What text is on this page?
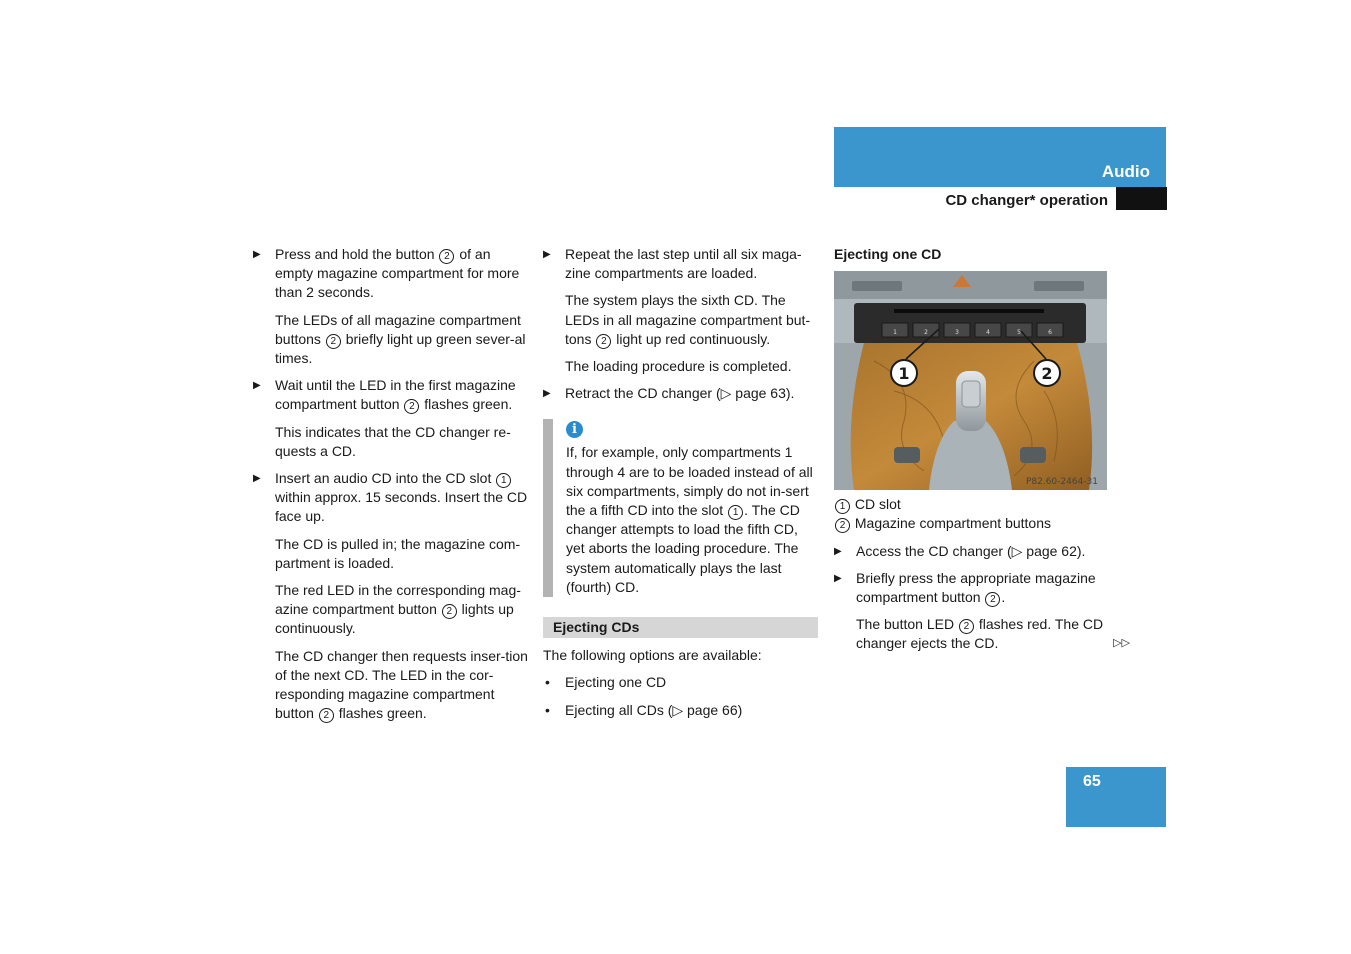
Audio
CD changer* operation
▶ Press and hold the button 2 of an empty magazine compartment for more than 2 seconds.
The LEDs of all magazine compartment buttons 2 briefly light up green sever-al times.
▶ Wait until the LED in the first magazine compartment button 2 flashes green.
This indicates that the CD changer re-quests a CD.
▶ Insert an audio CD into the CD slot 1 within approx. 15 seconds. Insert the CD face up.
The CD is pulled in; the magazine com-partment is loaded.
The red LED in the corresponding mag-azine compartment button 2 lights up continuously.
The CD changer then requests inser-tion of the next CD. The LED in the cor-responding magazine compartment button 2 flashes green.
▶ Repeat the last step until all six maga-zine compartments are loaded.
The system plays the sixth CD. The LEDs in all magazine compartment but-tons 2 light up red continuously.
The loading procedure is completed.
▶ Retract the CD changer (▷ page 63).
i
If, for example, only compartments 1 through 4 are to be loaded instead of all six compartments, simply do not in-sert the a fifth CD into the slot 1 . The CD changer attempts to load the fifth CD, yet aborts the loading procedure. The system automatically plays the last (fourth) CD.
Ejecting CDs
The following options are available:
• Ejecting one CD
• Ejecting all CDs (▷ page 66)
Ejecting one CD
1	2	3	4	5	6
1	2
P82.60-2464-31
1 CD slot
2 Magazine compartment buttons
▶ Access the CD changer (▷ page 62).
▶ Briefly press the appropriate magazine compartment button 2 .
The button LED 2 flashes red. The CD changer ejects the CD.	▷▷
65
